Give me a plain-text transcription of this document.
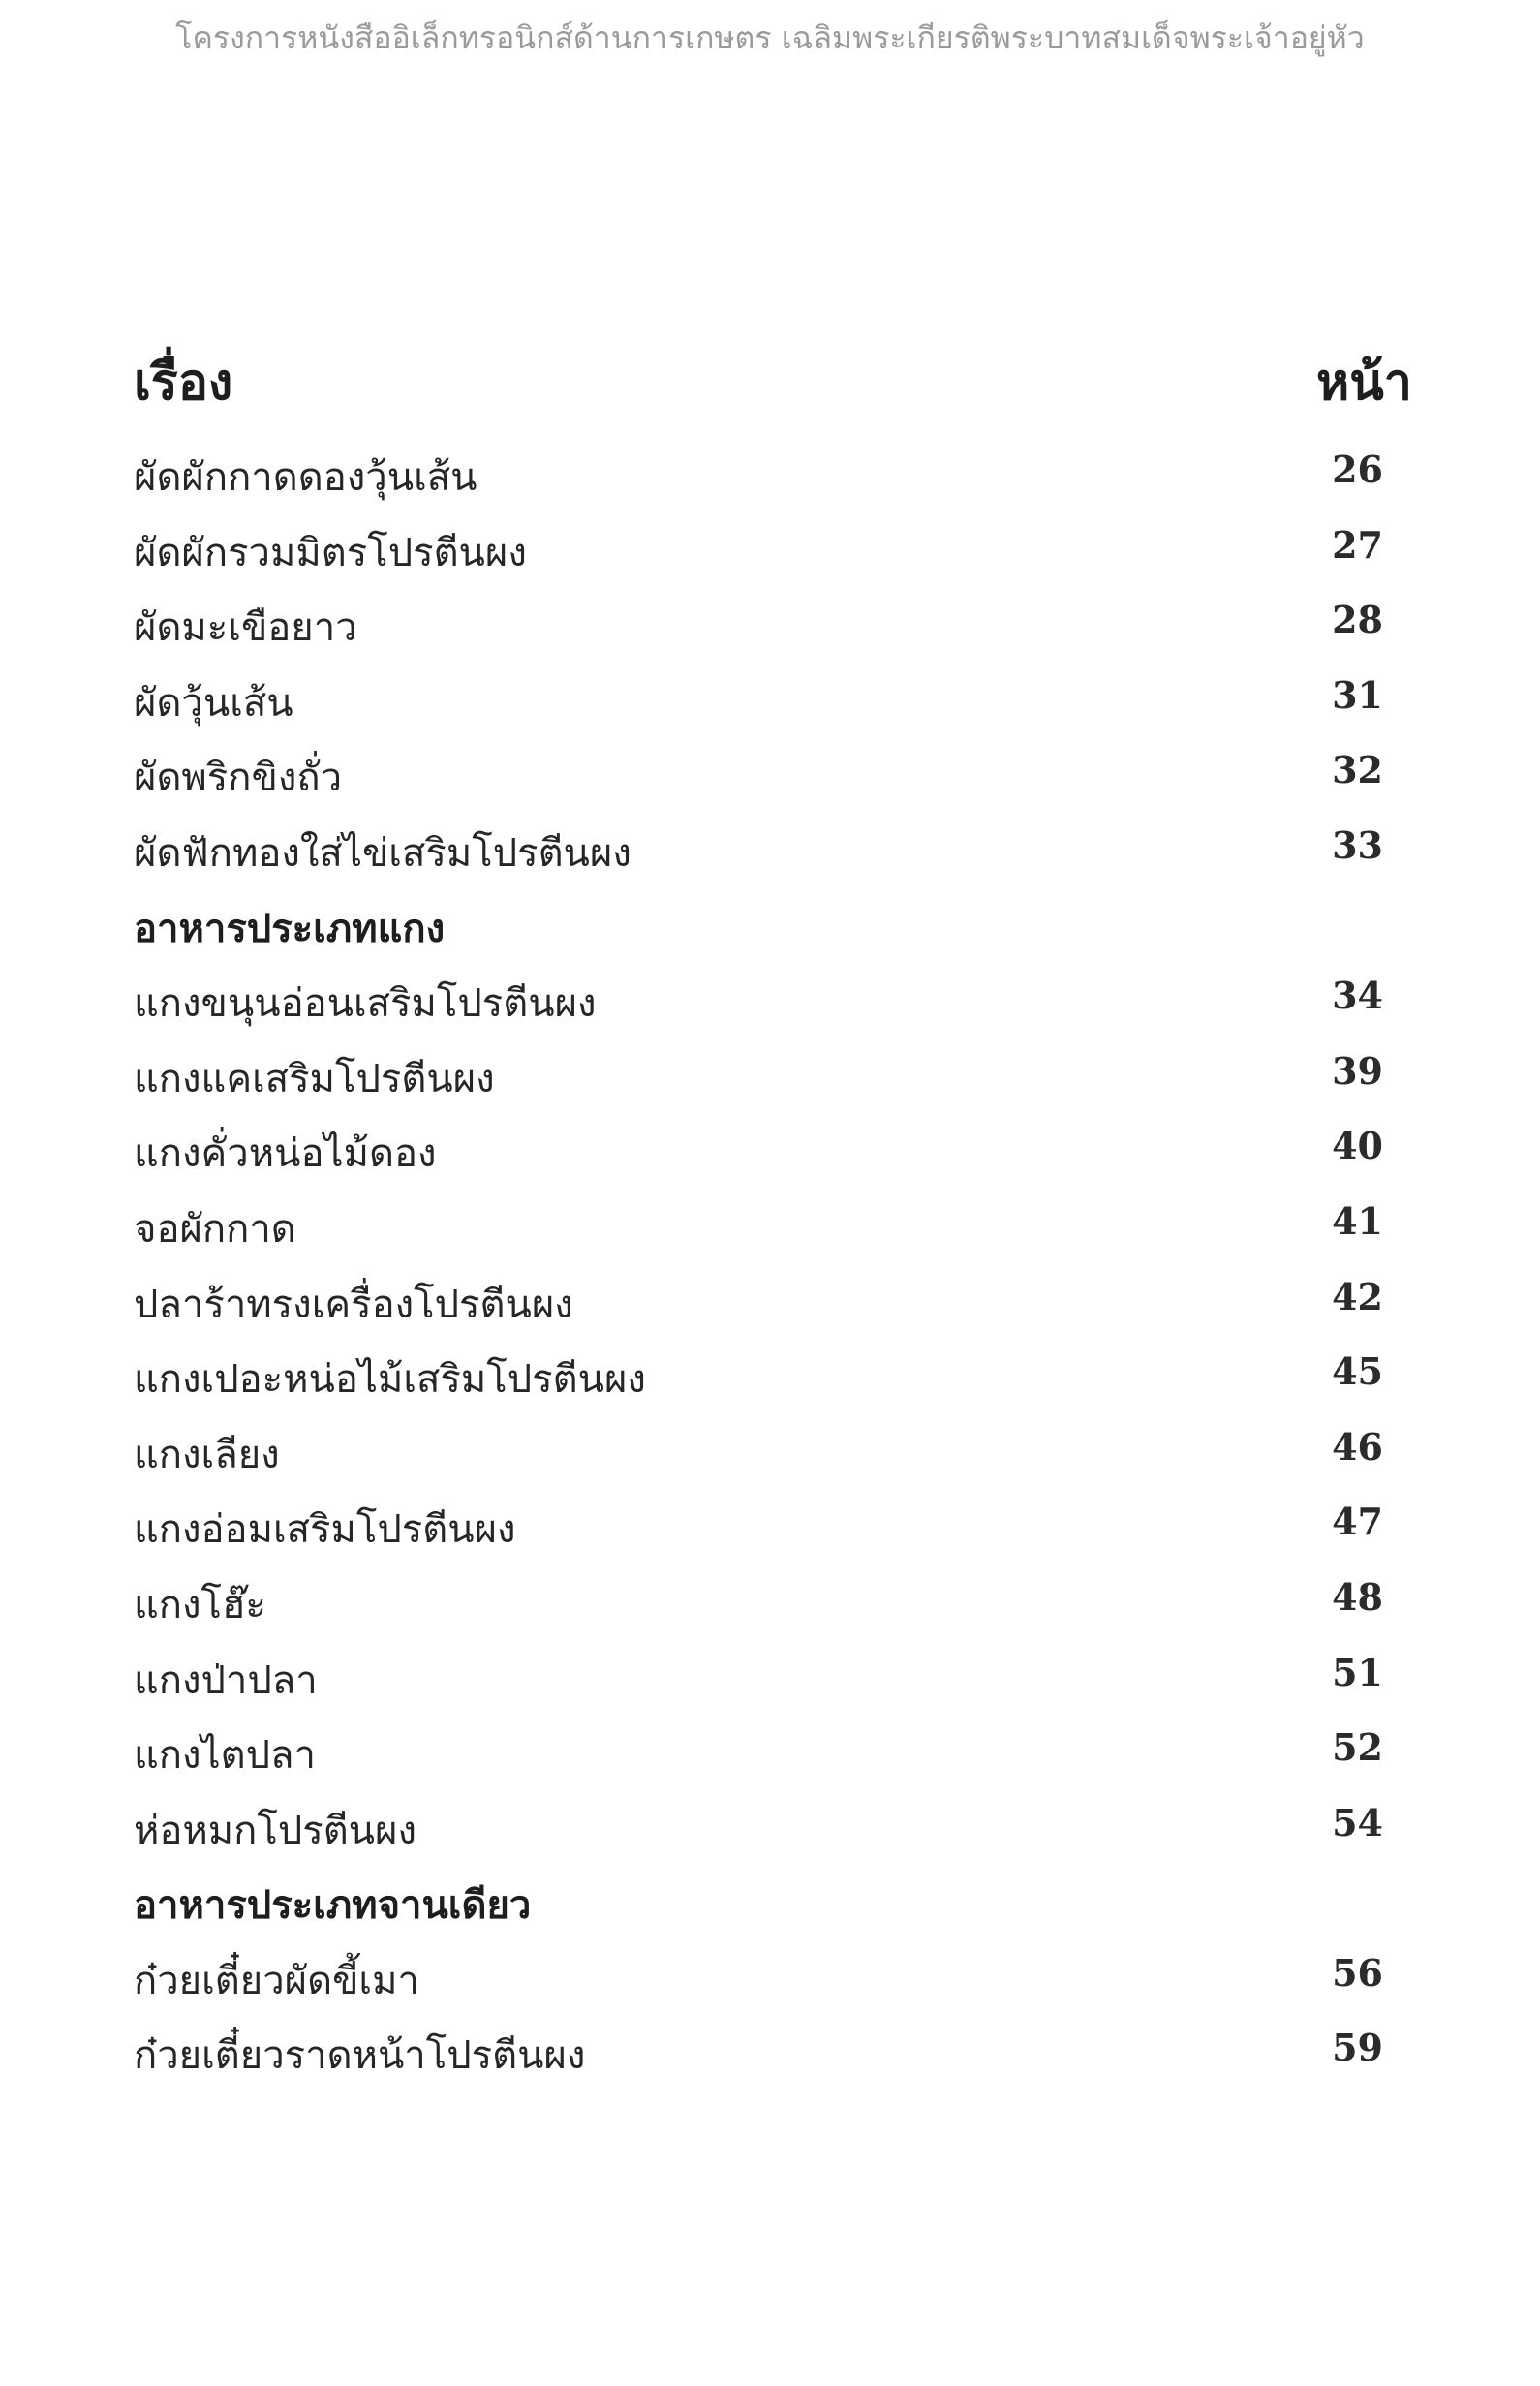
โครงการหนังสืออิเล็กทรอนิกส์ด้านการเกษตร เฉลิมพระเกียรติพระบาทสมเด็จพระเจ้าอยู่หัว
เรื่อง	หน้า
ผัดผักกาดดองวุ้นเส้น	26
ผัดผักรวมมิตรโปรตีนผง	27
ผัดมะเขือยาว	28
ผัดวุ้นเส้น	31
ผัดพริกขิงถั่ว	32
ผัดฟักทองใส่ไข่เสริมโปรตีนผง	33
อาหารประเภทแกง
แกงขนุนอ่อนเสริมโปรตีนผง	34
แกงแคเสริมโปรตีนผง	39
แกงคั่วหน่อไม้ดอง	40
จอผักกาด	41
ปลาร้าทรงเครื่องโปรตีนผง	42
แกงเปอะหน่อไม้เสริมโปรตีนผง	45
แกงเลียง	46
แกงอ่อมเสริมโปรตีนผง	47
แกงโฮ๊ะ	48
แกงป่าปลา	51
แกงไตปลา	52
ห่อหมกโปรตีนผง	54
อาหารประเภทจานเดียว
ก๋วยเตี๋ยวผัดขี้เมา	56
ก๋วยเตี๋ยวราดหน้าโปรตีนผง	59
